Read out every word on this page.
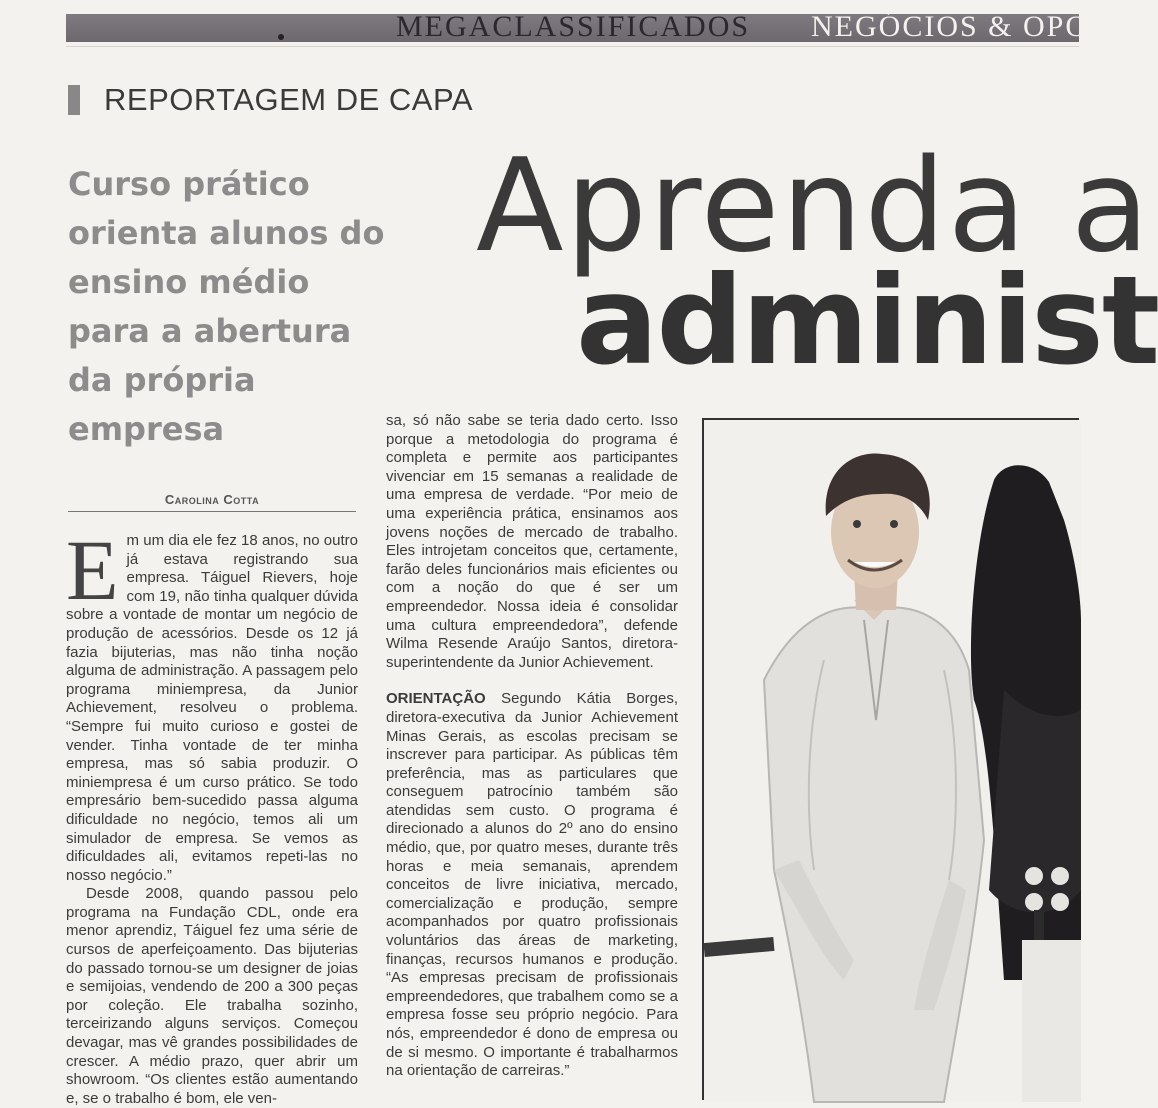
MEGACLASSIFICADOS NEGÓCIOS & OPORTU
REPORTAGEM DE CAPA

Curso prático orienta alunos do ensino médio para a abertura da própria empresa

Aprenda a
administ
Carolina Cotta

Em um dia ele fez 18 anos, no outro já estava registrando sua empresa. Táiguel Rievers, hoje com 19, não tinha qualquer dúvida sobre a vontade de montar um negócio de produção de acessórios. Desde os 12 já fazia bijuterias, mas não tinha noção alguma de administração. A passagem pelo programa miniempresa, da Junior Achievement, resolveu o problema. “Sempre fui muito curioso e gostei de vender. Tinha vontade de ter minha empresa, mas só sabia produzir. O miniempresa é um curso prático. Se todo empresário bem-sucedido passa alguma dificuldade no negócio, temos ali um simulador de empresa. Se vemos as dificuldades ali, evitamos repeti-las no nosso negócio.”

Desde 2008, quando passou pelo programa na Fundação CDL, onde era menor aprendiz, Táiguel fez uma série de cursos de aperfeiçoamento. Das bijuterias do passado tornou-se um designer de joias e semijoias, vendendo de 200 a 300 peças por coleção. Ele trabalha sozinho, terceirizando alguns serviços. Começou devagar, mas vê grandes possibilidades de crescer. A médio prazo, quer abrir um showroom. “Os clientes estão aumentando e, se o trabalho é bom, ele ven-

sa, só não sabe se teria dado certo. Isso porque a metodologia do programa é completa e permite aos participantes vivenciar em 15 semanas a realidade de uma empresa de verdade. “Por meio de uma experiência prática, ensinamos aos jovens noções de mercado de trabalho. Eles introjetam conceitos que, certamente, farão deles funcionários mais eficientes ou com a noção do que é ser um empreendedor. Nossa ideia é consolidar uma cultura empreendedora”, defende Wilma Resende Araújo Santos, diretora-superintendente da Junior Achievement.

ORIENTAÇÃO Segundo Kátia Borges, diretora-executiva da Junior Achievement Minas Gerais, as escolas precisam se inscrever para participar. As públicas têm preferência, mas as particulares que conseguem patrocínio também são atendidas sem custo. O programa é direcionado a alunos do 2º ano do ensino médio, que, por quatro meses, durante três horas e meia semanais, aprendem conceitos de livre iniciativa, mercado, comercialização e produção, sempre acompanhados por quatro profissionais voluntários das áreas de marketing, finanças, recursos humanos e produção. “As empresas precisam de profissionais empreendedores, que trabalhem como se a empresa fosse seu próprio negócio. Para nós, empreendedor é dono de empresa ou de si mesmo. O importante é trabalharmos na orientação de carreiras.”
